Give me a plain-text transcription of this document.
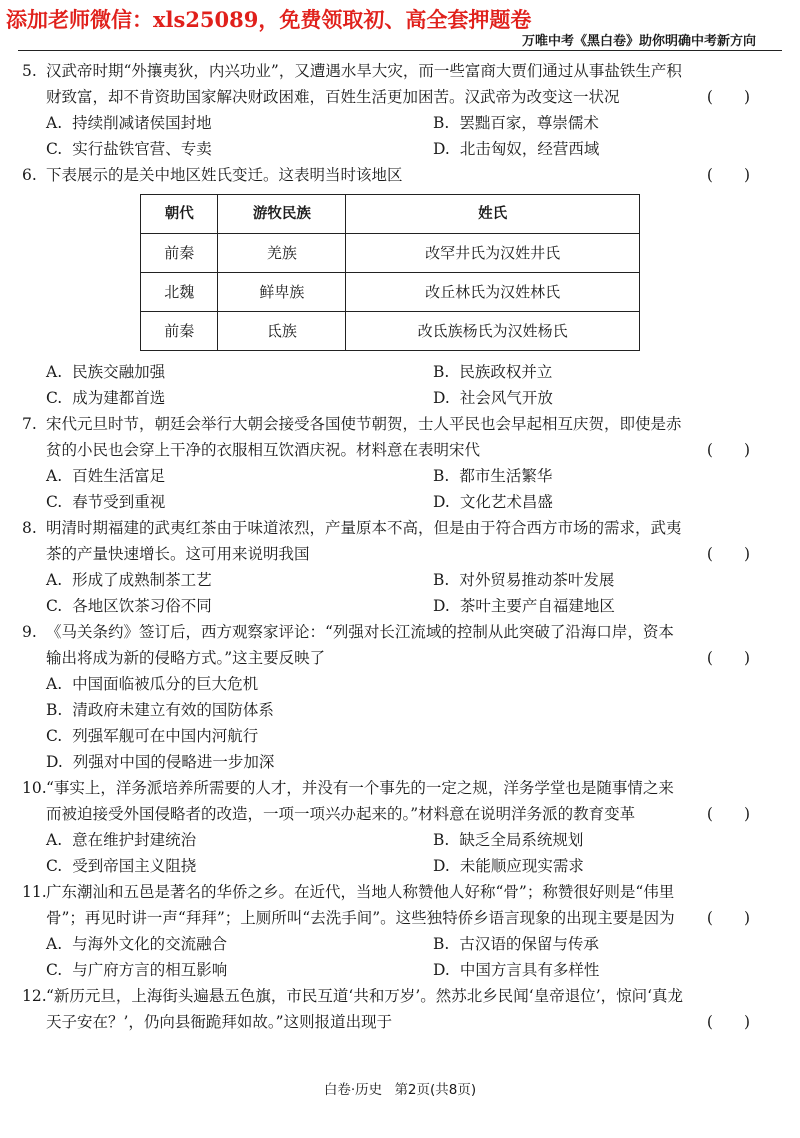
添加老师微信：xls25089，免费领取初、高全套押题卷
万唯中考《黑白卷》助你明确中考新方向
5. 汉武帝时期“外攘夷狄，内兴功业”，又遭遇水旱大灾，而一些富商大贾们通过从事盐铁生产积财致富，却不肯资助国家解决财政困难，百姓生活更加困苦。汉武帝为改变这一状况	(　　)
A. 持续削减诸侯国封地	B. 罢黜百家，尊崇儒术
C. 实行盐铁官营、专卖	D. 北击匈奴，经营西域
6. 下表展示的是关中地区姓氏变迁。这表明当时该地区	(　　)
朝代	游牧民族	姓氏
前秦	羌族	改罕井氏为汉姓井氏
北魏	鲜卑族	改丘林氏为汉姓林氏
前秦	氐族	改氐族杨氏为汉姓杨氏
A. 民族交融加强	B. 民族政权并立
C. 成为建都首选	D. 社会风气开放
7. 宋代元旦时节，朝廷会举行大朝会接受各国使节朝贺，士人平民也会早起相互庆贺，即使是赤贫的小民也会穿上干净的衣服相互饮酒庆祝。材料意在表明宋代	(　　)
A. 百姓生活富足	B. 都市生活繁华
C. 春节受到重视	D. 文化艺术昌盛
8. 明清时期福建的武夷红茶由于味道浓烈，产量原本不高，但是由于符合西方市场的需求，武夷茶的产量快速增长。这可用来说明我国	(　　)
A. 形成了成熟制茶工艺	B. 对外贸易推动茶叶发展
C. 各地区饮茶习俗不同	D. 茶叶主要产自福建地区
9. 《马关条约》签订后，西方观察家评论：“列强对长江流域的控制从此突破了沿海口岸，资本输出将成为新的侵略方式。”这主要反映了	(　　)
A. 中国面临被瓜分的巨大危机
B. 清政府未建立有效的国防体系
C. 列强军舰可在中国内河航行
D. 列强对中国的侵略进一步加深
10. “事实上，洋务派培养所需要的人才，并没有一个事先的一定之规，洋务学堂也是随事情之来而被迫接受外国侵略者的改造，一项一项兴办起来的。”材料意在说明洋务派的教育变革	(　　)
A. 意在维护封建统治	B. 缺乏全局系统规划
C. 受到帝国主义阻挠	D. 未能顺应现实需求
11. 广东潮汕和五邑是著名的华侨之乡。在近代，当地人称赞他人好称“骨”；称赞很好则是“伟里骨”；再见时讲一声“拜拜”；上厕所叫“去洗手间”。这些独特侨乡语言现象的出现主要是因为	(　　)
A. 与海外文化的交流融合	B. 古汉语的保留与传承
C. 与广府方言的相互影响	D. 中国方言具有多样性
12. “新历元旦，上海街头遍悬五色旗，市民互道‘共和万岁’。然苏北乡民闻‘皇帝退位’，惊问‘真龙天子安在？’，仍向县衙跪拜如故。”这则报道出现于	(　　)
白卷·历史 第2页(共8页)
